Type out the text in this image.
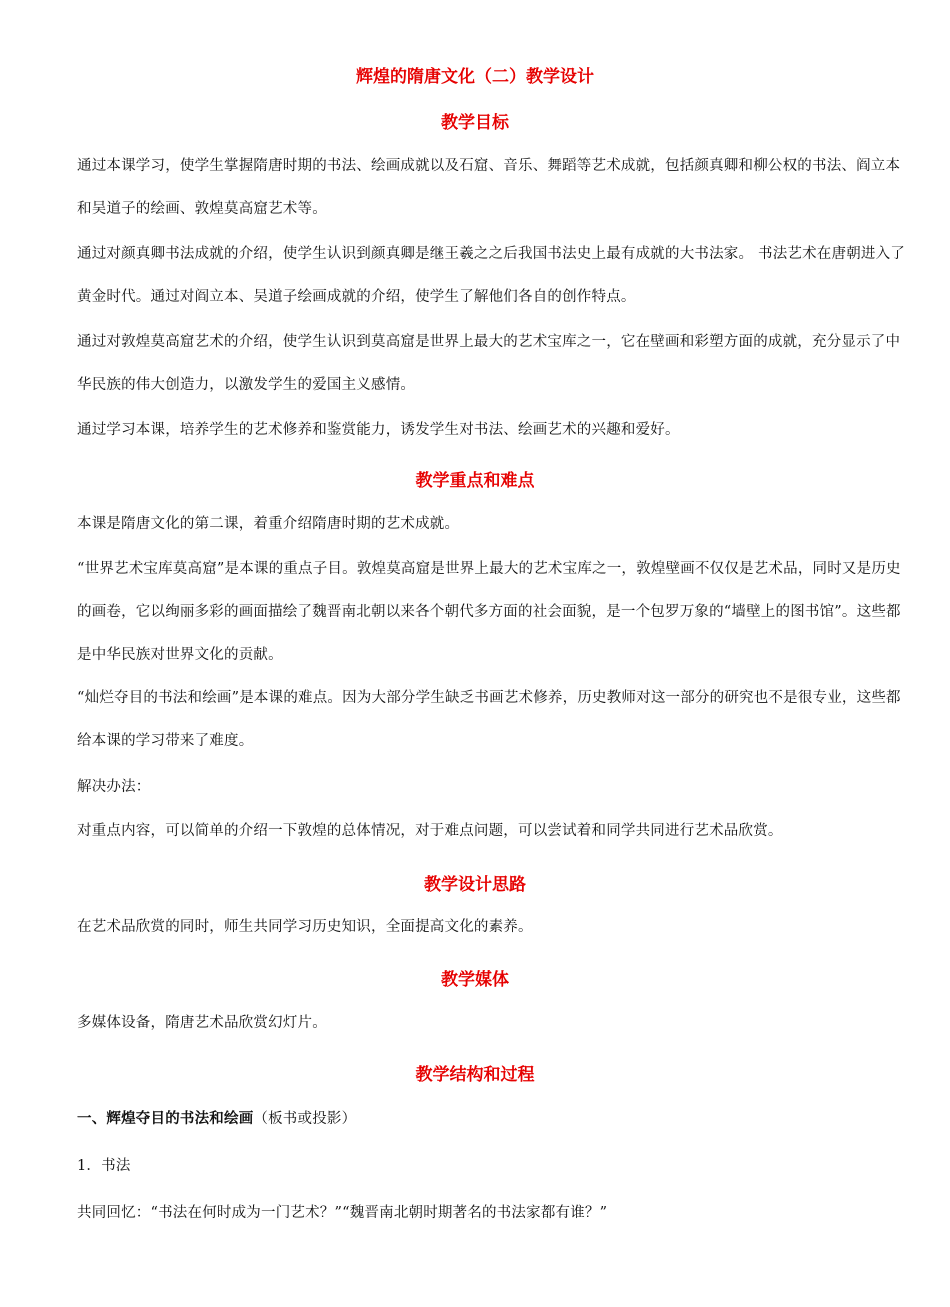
辉煌的隋唐文化（二）教学设计
教学目标

通过本课学习，使学生掌握隋唐时期的书法、绘画成就以及石窟、音乐、舞蹈等艺术成就，包括颜真卿和柳公权的书法、阎立本和吴道子的绘画、敦煌莫高窟艺术等。

通过对颜真卿书法成就的介绍，使学生认识到颜真卿是继王羲之之后我国书法史上最有成就的大书法家。 书法艺术在唐朝进入了黄金时代。通过对阎立本、吴道子绘画成就的介绍，使学生了解他们各自的创作特点。

通过对敦煌莫高窟艺术的介绍，使学生认识到莫高窟是世界上最大的艺术宝库之一，它在壁画和彩塑方面的成就，充分显示了中华民族的伟大创造力，以激发学生的爱国主义感情。

通过学习本课，培养学生的艺术修养和鉴赏能力，诱发学生对书法、绘画艺术的兴趣和爱好。

教学重点和难点

本课是隋唐文化的第二课，着重介绍隋唐时期的艺术成就。

“世界艺术宝库莫高窟”是本课的重点子目。敦煌莫高窟是世界上最大的艺术宝库之一，敦煌壁画不仅仅是艺术品，同时又是历史的画卷，它以绚丽多彩的画面描绘了魏晋南北朝以来各个朝代多方面的社会面貌，是一个包罗万象的“墙壁上的图书馆”。这些都是中华民族对世界文化的贡献。

“灿烂夺目的书法和绘画”是本课的难点。因为大部分学生缺乏书画艺术修养，历史教师对这一部分的研究也不是很专业，这些都给本课的学习带来了难度。

解决办法：

对重点内容，可以简单的介绍一下敦煌的总体情况，对于难点问题，可以尝试着和同学共同进行艺术品欣赏。

教学设计思路

在艺术品欣赏的同时，师生共同学习历史知识，全面提高文化的素养。

教学媒体

多媒体设备，隋唐艺术品欣赏幻灯片。

教学结构和过程

一、辉煌夺目的书法和绘画（板书或投影）

1．书法

共同回忆：“书法在何时成为一门艺术？”“魏晋南北朝时期著名的书法家都有谁？”
